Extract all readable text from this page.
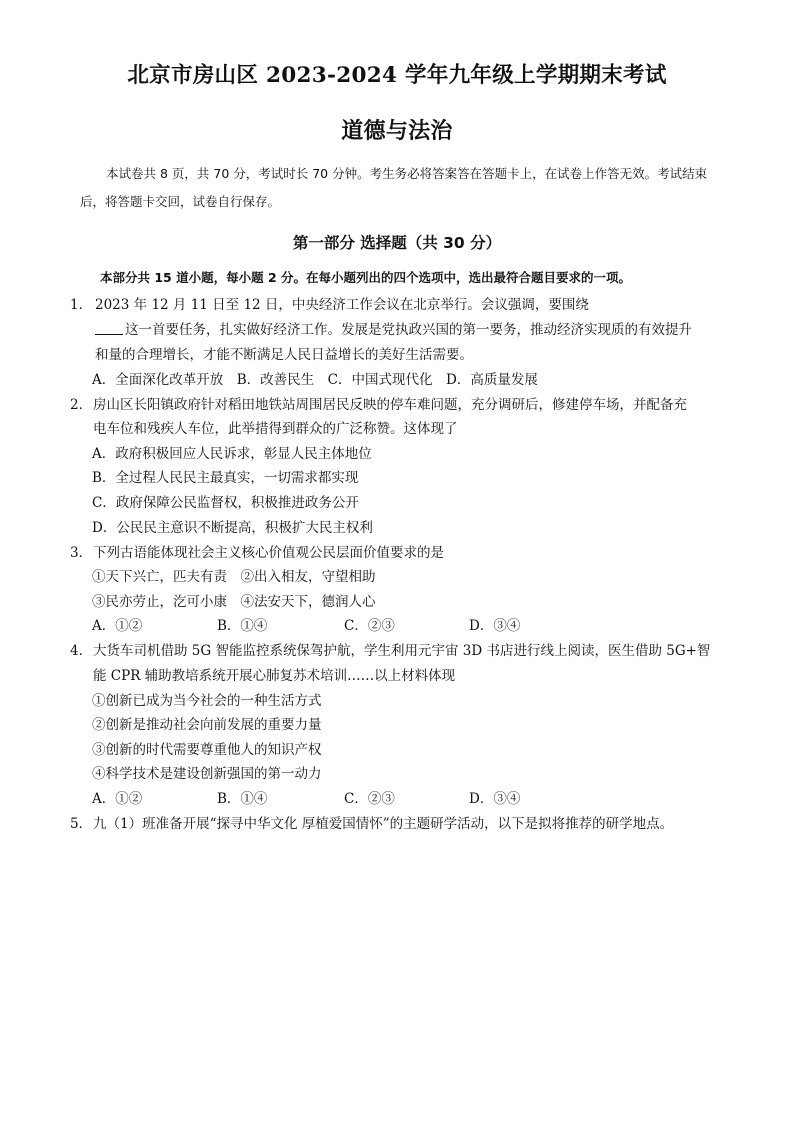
北京市房山区 2023-2024 学年九年级上学期期末考试
道德与法治

本试卷共 8 页，共 70 分，考试时长 70 分钟。考生务必将答案答在答题卡上，在试卷上作答无效。考试结束后，将答题卡交回，试卷自行保存。

第一部分 选择题（共 30 分）

本部分共 15 道小题，每小题 2 分。在每小题列出的四个选项中，选出最符合题目要求的一项。

1． 2023 年 12 月 11 日至 12 日，中央经济工作会议在北京举行。会议强调，要围绕
这一首要任务，扎实做好经济工作。发展是党执政兴国的第一要务，推动经济实现质的有效提升
和量的合理增长，才能不断满足人民日益增长的美好生活需要。
A．全面深化改革开放　B．改善民生　C．中国式现代化　D．高质量发展
2． 房山区长阳镇政府针对稻田地铁站周围居民反映的停车难问题，充分调研后，修建停车场，并配备充
电车位和残疾人车位，此举措得到群众的广泛称赞。这体现了
A．政府积极回应人民诉求，彰显人民主体地位
B．全过程人民民主最真实，一切需求都实现
C．政府保障公民监督权，积极推进政务公开
D．公民民主意识不断提高，积极扩大民主权利
3． 下列古语能体现社会主义核心价值观公民层面价值要求的是
①天下兴亡，匹夫有责　②出入相友，守望相助
③民亦劳止，汔可小康　④法安天下，德润人心
A．①②	B．①④	C．②③	D．③④
4． 大货车司机借助 5G 智能监控系统保驾护航，学生利用元宇宙 3D 书店进行线上阅读，医生借助 5G+智
能 CPR 辅助教培系统开展心肺复苏术培训……以上材料体现
①创新已成为当今社会的一种生活方式
②创新是推动社会向前发展的重要力量
③创新的时代需要尊重他人的知识产权
④科学技术是建设创新强国的第一动力
A．①②	B．①④	C．②③	D．③④
5． 九（1）班准备开展“探寻中华文化 厚植爱国情怀”的主题研学活动，以下是拟将推荐的研学地点。
